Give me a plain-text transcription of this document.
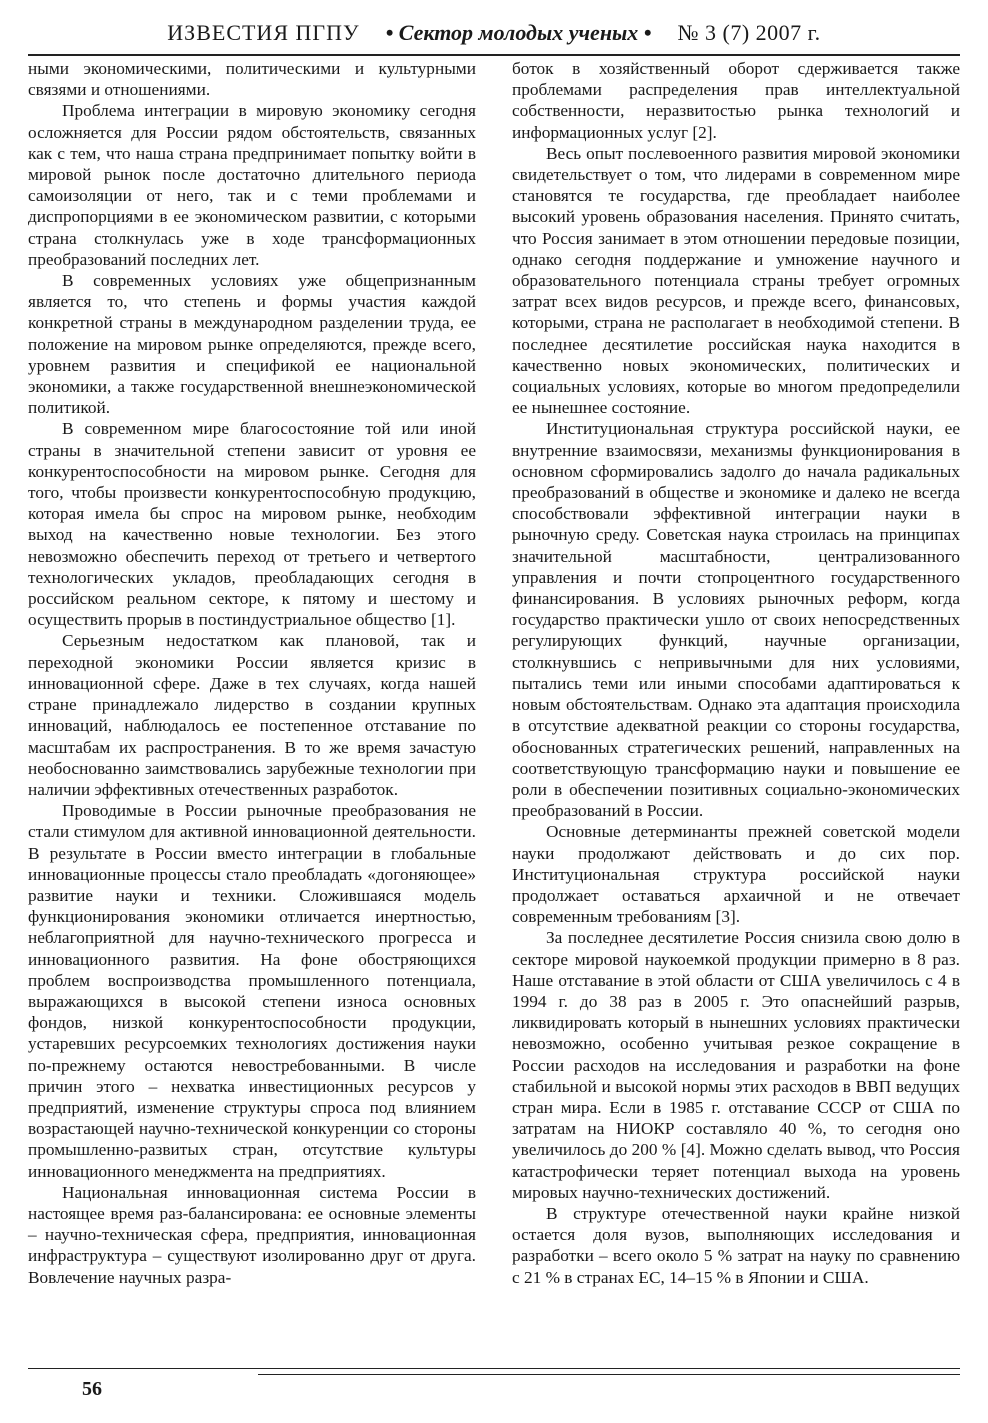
ИЗВЕСТИЯ ПГПУ • Сектор молодых ученых • № 3 (7) 2007 г.

ными экономическими, политическими и культурными связями и отношениями.

Проблема интеграции в мировую экономику сегодня осложняется для России рядом обстоятельств, связанных как с тем, что наша страна предпринимает попытку войти в мировой рынок после достаточно длительного периода самоизоляции от него, так и с теми проблемами и диспропорциями в ее экономическом развитии, с которыми страна столкнулась уже в ходе трансформационных преобразований последних лет.

В современных условиях уже общепризнанным является то, что степень и формы участия каждой конкретной страны в международном разделении труда, ее положение на мировом рынке определяются, прежде всего, уровнем развития и спецификой ее национальной экономики, а также государственной внешнеэкономической политикой.

В современном мире благосостояние той или иной страны в значительной степени зависит от уровня ее конкурентоспособности на мировом рынке. Сегодня для того, чтобы произвести конкурентоспособную продукцию, которая имела бы спрос на мировом рынке, необходим выход на качественно новые технологии. Без этого невозможно обеспечить переход от третьего и четвертого технологических укладов, преобладающих сегодня в российском реальном секторе, к пятому и шестому и осуществить прорыв в постиндустриальное общество [1].

Серьезным недостатком как плановой, так и переходной экономики России является кризис в инновационной сфере. Даже в тех случаях, когда нашей стране принадлежало лидерство в создании крупных инноваций, наблюдалось ее постепенное отставание по масштабам их распространения. В то же время зачастую необоснованно заимствовались зарубежные технологии при наличии эффективных отечественных разработок.

Проводимые в России рыночные преобразования не стали стимулом для активной инновационной деятельности. В результате в России вместо интеграции в глобальные инновационные процессы стало преобладать «догоняющее» развитие науки и техники. Сложившаяся модель функционирования экономики отличается инертностью, неблагоприятной для научно-технического прогресса и инновационного развития. На фоне обостряющихся проблем воспроизводства промышленного потенциала, выражающихся в высокой степени износа основных фондов, низкой конкурентоспособности продукции, устаревших ресурсоемких технологиях достижения науки по-прежнему остаются невостребованными. В числе причин этого – нехватка инвестиционных ресурсов у предприятий, изменение структуры спроса под влиянием возрастающей научно-технической конкуренции со стороны промышленно-развитых стран, отсутствие культуры инновационного менеджмента на предприятиях.

Национальная инновационная система России в настоящее время раз-балансирована: ее основные элементы – научно-техническая сфера, предприятия, инновационная инфраструктура – существуют изолированно друг от друга. Вовлечение научных разра-

боток в хозяйственный оборот сдерживается также проблемами распределения прав интеллектуальной собственности, неразвитостью рынка технологий и информационных услуг [2].

Весь опыт послевоенного развития мировой экономики свидетельствует о том, что лидерами в современном мире становятся те государства, где преобладает наиболее высокий уровень образования населения. Принято считать, что Россия занимает в этом отношении передовые позиции, однако сегодня поддержание и умножение научного и образовательного потенциала страны требует огромных затрат всех видов ресурсов, и прежде всего, финансовых, которыми, страна не располагает в необходимой степени. В последнее десятилетие российская наука находится в качественно новых экономических, политических и социальных условиях, которые во многом предопределили ее нынешнее состояние.

Институциональная структура российской науки, ее внутренние взаимосвязи, механизмы функционирования в основном сформировались задолго до начала радикальных преобразований в обществе и экономике и далеко не всегда способствовали эффективной интеграции науки в рыночную среду. Советская наука строилась на принципах значительной масштабности, централизованного управления и почти стопроцентного государственного финансирования. В условиях рыночных реформ, когда государство практически ушло от своих непосредственных регулирующих функций, научные организации, столкнувшись с непривычными для них условиями, пытались теми или иными способами адаптироваться к новым обстоятельствам. Однако эта адаптация происходила в отсутствие адекватной реакции со стороны государства, обоснованных стратегических решений, направленных на соответствующую трансформацию науки и повышение ее роли в обеспечении позитивных социально-экономических преобразований в России.

Основные детерминанты прежней советской модели науки продолжают действовать и до сих пор. Институциональная структура российской науки продолжает оставаться архаичной и не отвечает современным требованиям [3].

За последнее десятилетие Россия снизила свою долю в секторе мировой наукоемкой продукции примерно в 8 раз. Наше отставание в этой области от США увеличилось с 4 в 1994 г. до 38 раз в 2005 г. Это опаснейший разрыв, ликвидировать который в нынешних условиях практически невозможно, особенно учитывая резкое сокращение в России расходов на исследования и разработки на фоне стабильной и высокой нормы этих расходов в ВВП ведущих стран мира. Если в 1985 г. отставание СССР от США по затратам на НИОКР составляло 40 %, то сегодня оно увеличилось до 200 % [4]. Можно сделать вывод, что Россия катастрофически теряет потенциал выхода на уровень мировых научно-технических достижений.

В структуре отечественной науки крайне низкой остается доля вузов, выполняющих исследования и разработки – всего около 5 % затрат на науку по сравнению с 21 % в странах ЕС, 14–15 % в Японии и США.

56
